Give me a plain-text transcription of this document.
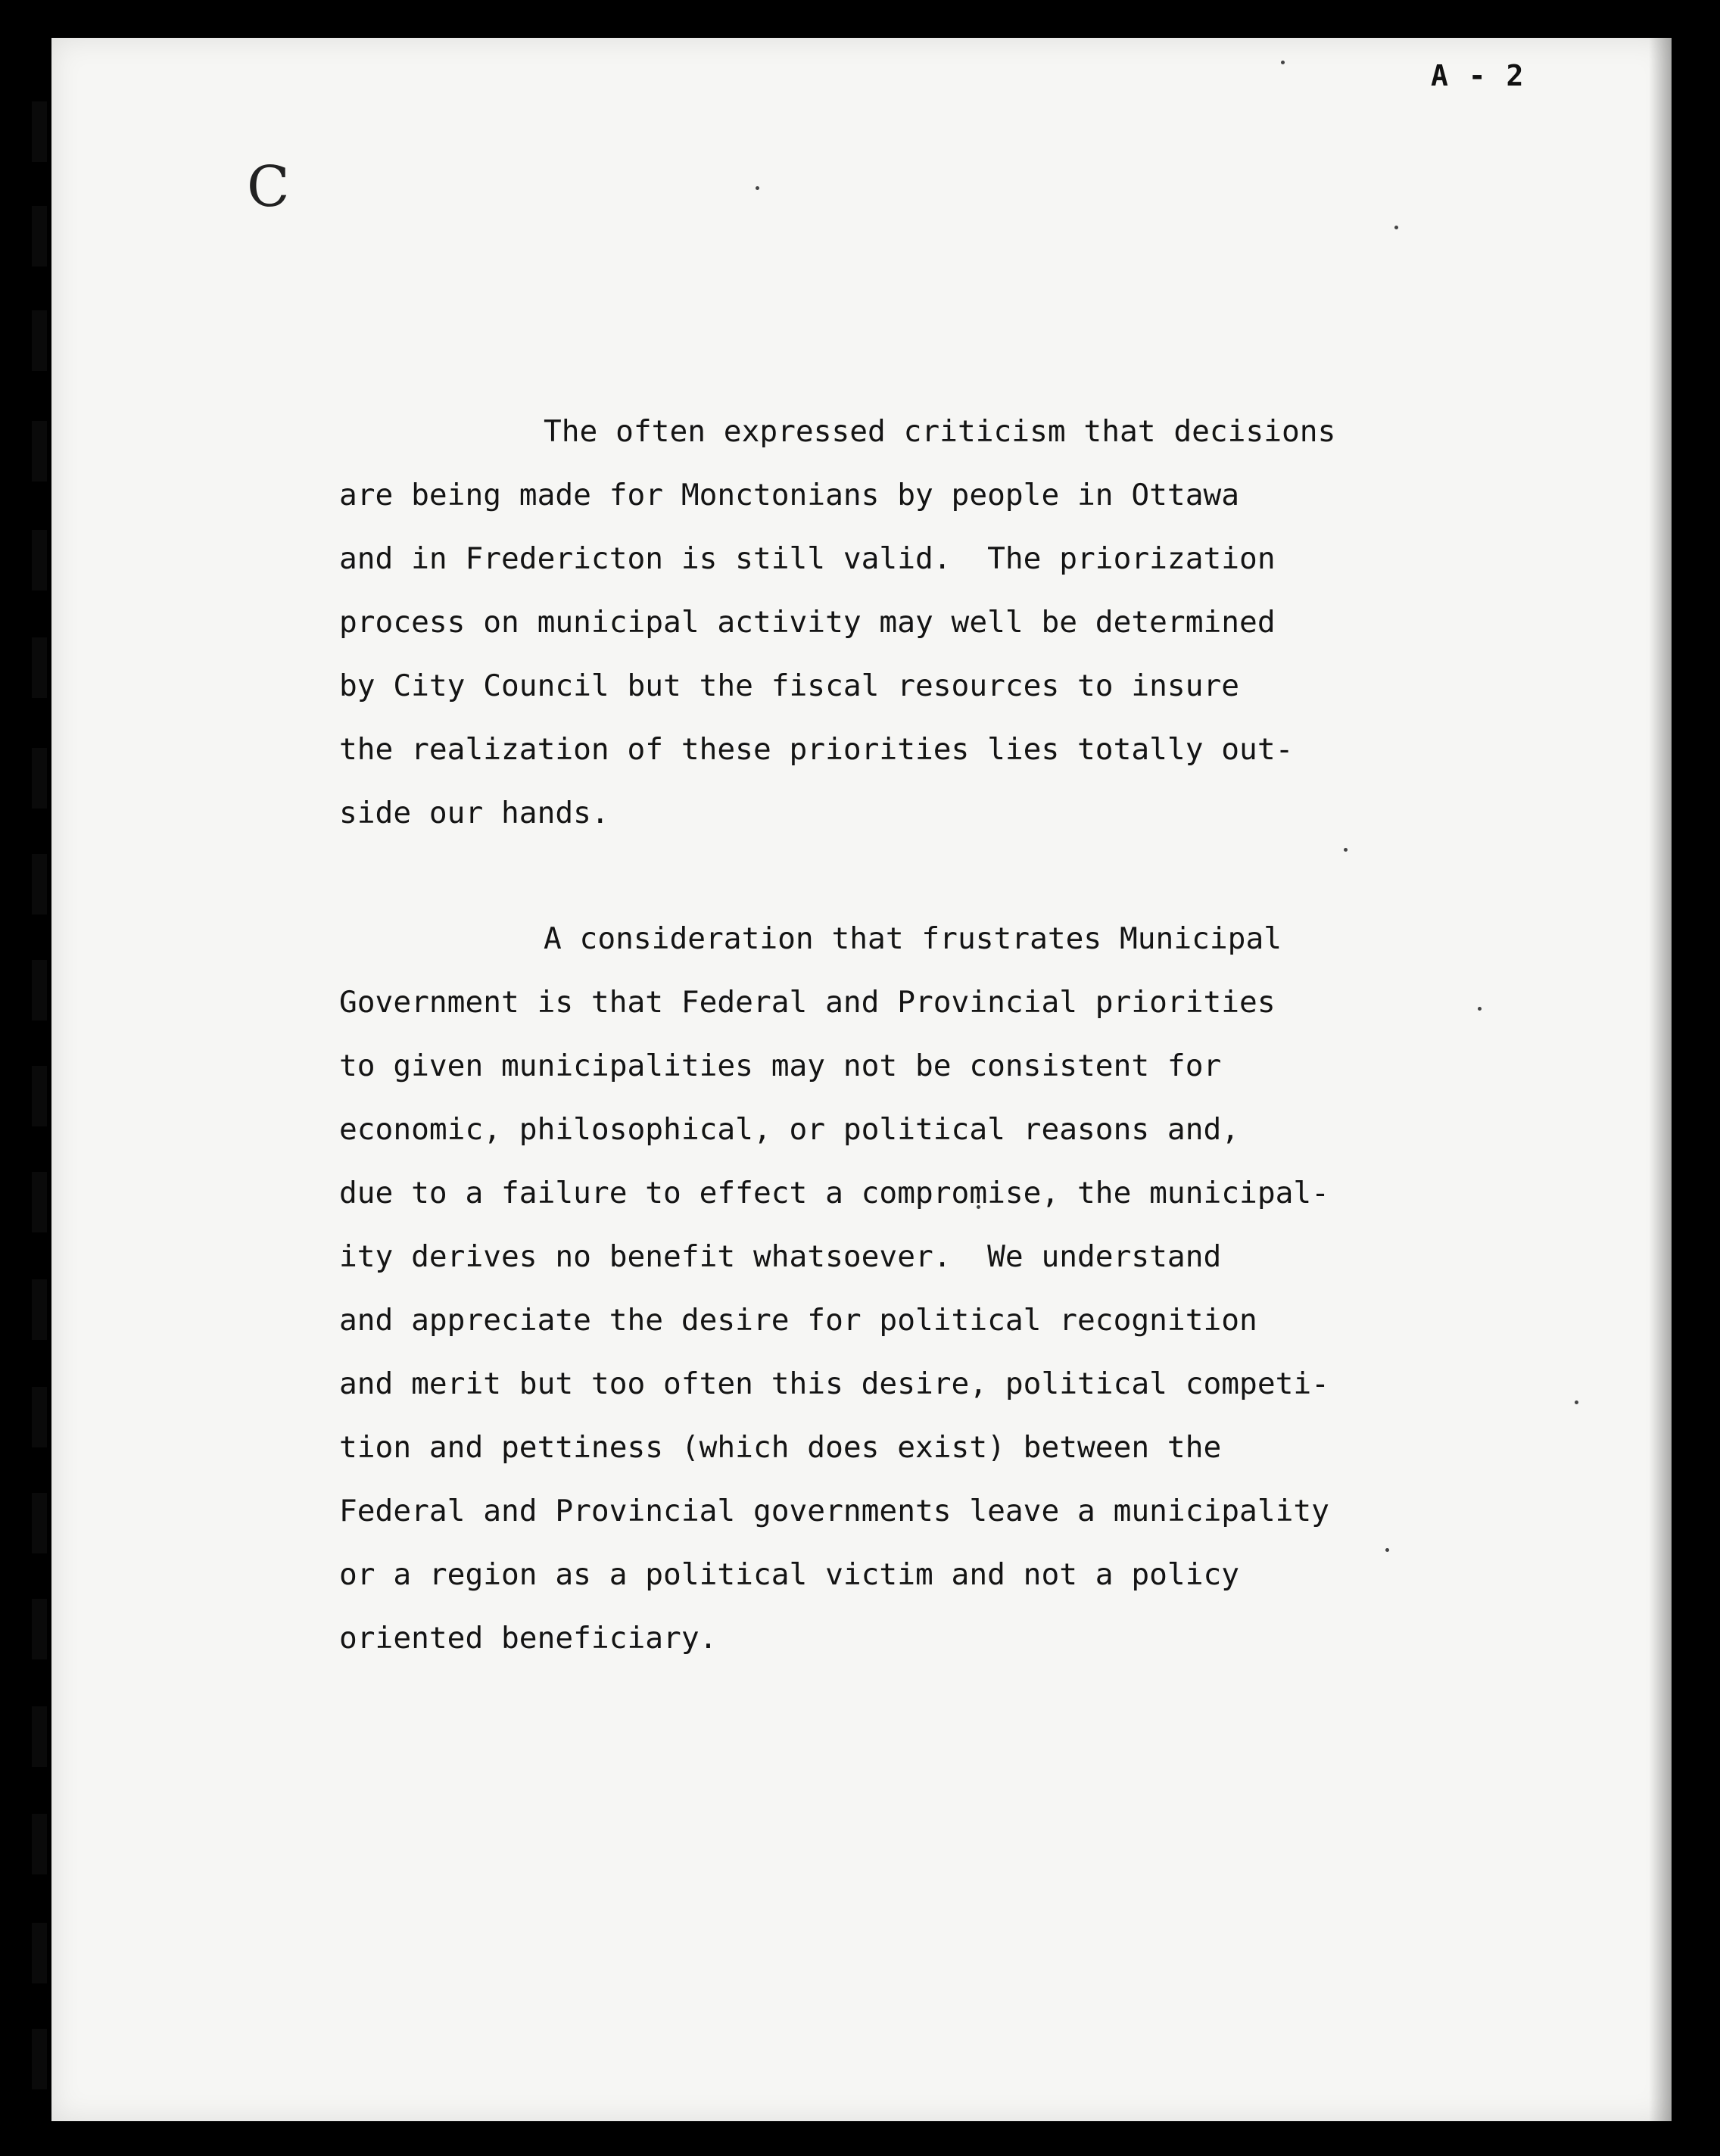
A - 2
C
The often expressed criticism that decisions
are being made for Monctonians by people in Ottawa
and in Fredericton is still valid.  The priorization
process on municipal activity may well be determined
by City Council but the fiscal resources to insure
the realization of these priorities lies totally out-
side our hands.
A consideration that frustrates Municipal
Government is that Federal and Provincial priorities
to given municipalities may not be consistent for
economic, philosophical, or political reasons and,
due to a failure to effect a compromise, the municipal-
ity derives no benefit whatsoever.  We understand
and appreciate the desire for political recognition
and merit but too often this desire, political competi-
tion and pettiness (which does exist) between the
Federal and Provincial governments leave a municipality
or a region as a political victim and not a policy
oriented beneficiary.
